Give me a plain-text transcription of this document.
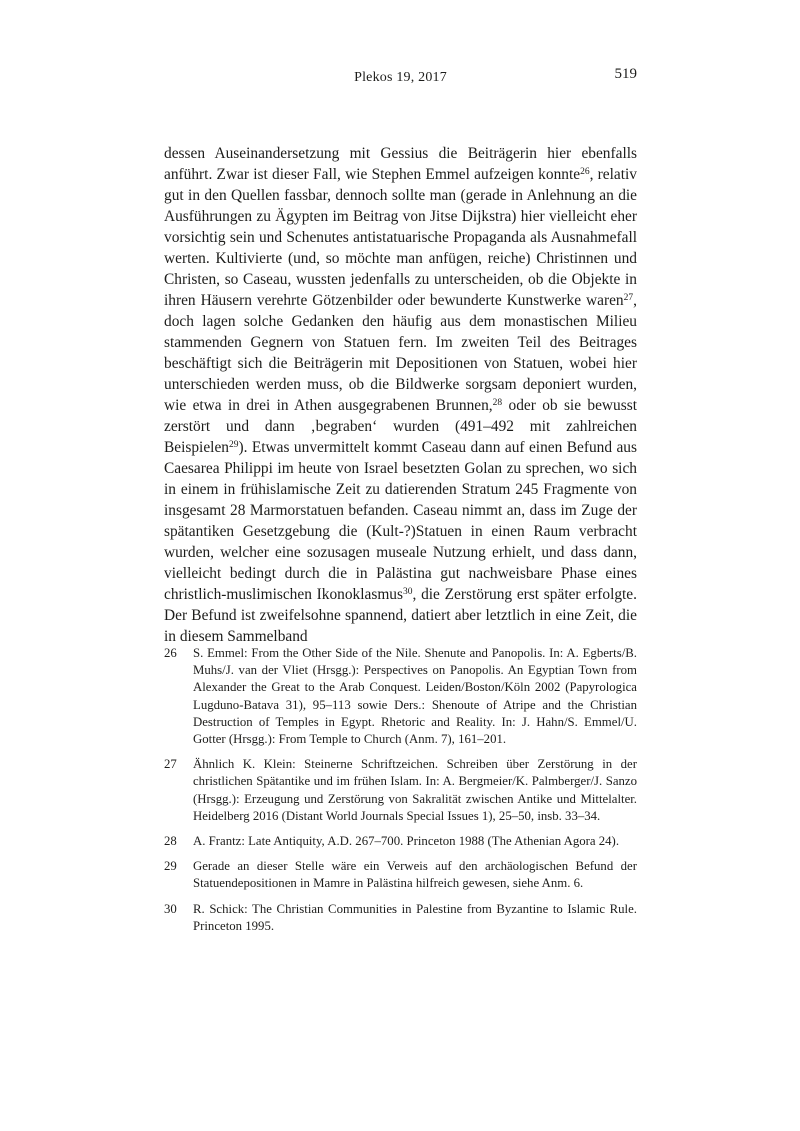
Plekos 19, 2017	519
dessen Auseinandersetzung mit Gessius die Beiträgerin hier ebenfalls anführt. Zwar ist dieser Fall, wie Stephen Emmel aufzeigen konnte$^{26}$, relativ gut in den Quellen fassbar, dennoch sollte man (gerade in Anlehnung an die Ausführungen zu Ägypten im Beitrag von Jitse Dijkstra) hier vielleicht eher vorsichtig sein und Schenutes antistatuarische Propaganda als Ausnahmefall werten. Kultivierte (und, so möchte man anfügen, reiche) Christinnen und Christen, so Caseau, wussten jedenfalls zu unterscheiden, ob die Objekte in ihren Häusern verehrte Götzenbilder oder bewunderte Kunstwerke waren$^{27}$, doch lagen solche Gedanken den häufig aus dem monastischen Milieu stammenden Gegnern von Statuen fern. Im zweiten Teil des Beitrages beschäftigt sich die Beiträgerin mit Depositionen von Statuen, wobei hier unterschieden werden muss, ob die Bildwerke sorgsam deponiert wurden, wie etwa in drei in Athen ausgegrabenen Brunnen,$^{28}$ oder ob sie bewusst zerstört und dann ‚begraben‘ wurden (491–492 mit zahlreichen Beispielen$^{29}$). Etwas unvermittelt kommt Caseau dann auf einen Befund aus Caesarea Philippi im heute von Israel besetzten Golan zu sprechen, wo sich in einem in frühislamische Zeit zu datierenden Stratum 245 Fragmente von insgesamt 28 Marmorstatuen befanden. Caseau nimmt an, dass im Zuge der spätantiken Gesetzgebung die (Kult-?)Statuen in einen Raum verbracht wurden, welcher eine sozusagen museale Nutzung erhielt, und dass dann, vielleicht bedingt durch die in Palästina gut nachweisbare Phase eines christlich-muslimischen Ikonoklasmus$^{30}$, die Zerstörung erst später erfolgte. Der Befund ist zweifelsohne spannend, datiert aber letztlich in eine Zeit, die in diesem Sammelband
26 S. Emmel: From the Other Side of the Nile. Shenute and Panopolis. In: A. Egberts/B. Muhs/J. van der Vliet (Hrsgg.): Perspectives on Panopolis. An Egyptian Town from Alexander the Great to the Arab Conquest. Leiden/Boston/Köln 2002 (Papyrologica Lugduno-Batava 31), 95–113 sowie Ders.: Shenoute of Atripe and the Christian Destruction of Temples in Egypt. Rhetoric and Reality. In: J. Hahn/S. Emmel/U. Gotter (Hrsgg.): From Temple to Church (Anm. 7), 161–201.
27 Ähnlich K. Klein: Steinerne Schriftzeichen. Schreiben über Zerstörung in der christlichen Spätantike und im frühen Islam. In: A. Bergmeier/K. Palmberger/J. Sanzo (Hrsgg.): Erzeugung und Zerstörung von Sakralität zwischen Antike und Mittelalter. Heidelberg 2016 (Distant World Journals Special Issues 1), 25–50, insb. 33–34.
28 A. Frantz: Late Antiquity, A.D. 267–700. Princeton 1988 (The Athenian Agora 24).
29 Gerade an dieser Stelle wäre ein Verweis auf den archäologischen Befund der Statuendepositionen in Mamre in Palästina hilfreich gewesen, siehe Anm. 6.
30 R. Schick: The Christian Communities in Palestine from Byzantine to Islamic Rule. Princeton 1995.
